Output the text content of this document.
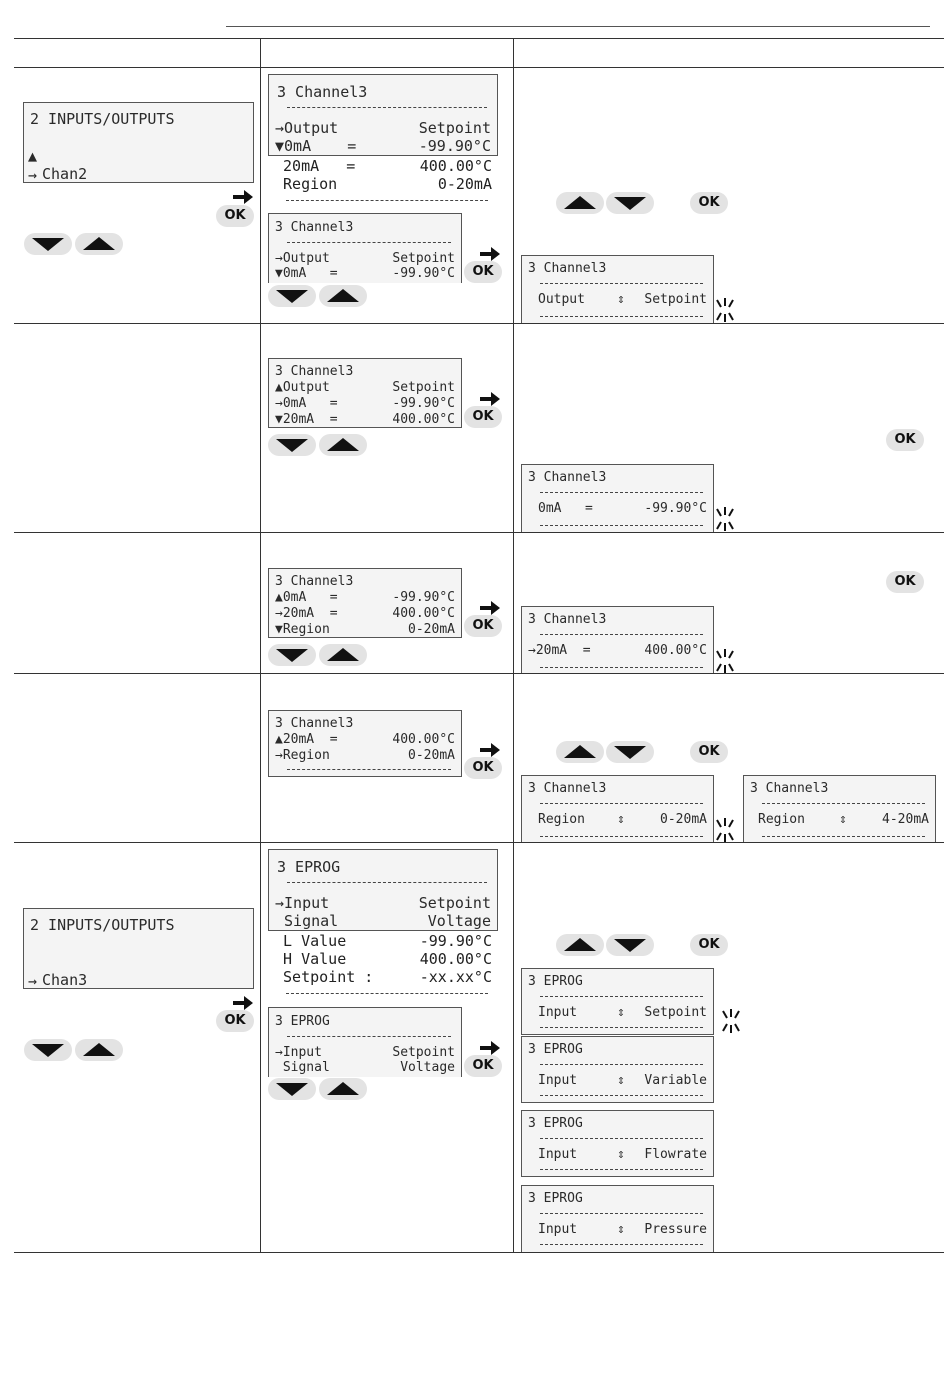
2 INPUTS/OUTPUTS

▲

Chan2

→

OK
3 Channel3
→Output	Setpoint
▼0mA    =	-99.90°C
20mA   =	400.00°C
Region	0-20mA
3 Channel3
→Output	Setpoint
▼0mA   =	-99.90°C	OK
OK
3 Channel3
Output ⇕ Setpoint
3 Channel3
▲Output	Setpoint
→0mA   =	-99.90°C
▼20mA  =	400.00°C	OK
OK
3 Channel3
0mA   =	-99.90°C
3 Channel3
▲0mA   =	-99.90°C
→20mA  =	400.00°C
▼Region	0-20mA	OK
OK
3 Channel3
→20mA  =	400.00°C
3 Channel3
▲20mA  =	400.00°C
→Region	0-20mA
OK
OK
3 Channel3
Region ⇕	0-20mA
3 Channel3
Region	⇕	4-20mA
2 INPUTS/OUTPUTS

Chan3

→

OK
3 EPROG
→Input	Setpoint
Signal	Voltage
L Value	-99.90°C
H Value	400.00°C
Setpoint :	-xx.xx°C
3 EPROG
→Input	Setpoint
Signal	Voltage	OK
OK
3 EPROG
Input	⇕ Setpoint
3 EPROG
Input	⇕ Variable
3 EPROG
Input	⇕ Flowrate
3 EPROG
Input	⇕ Pressure
